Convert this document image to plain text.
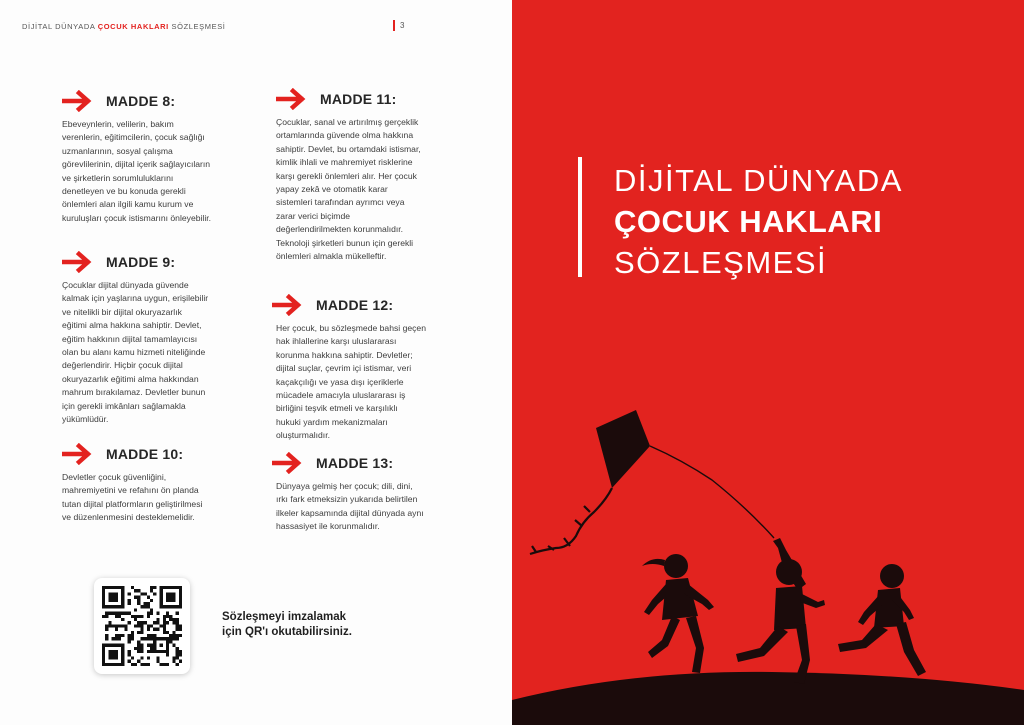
DİJİTAL DÜNYADA ÇOCUK HAKLARI SÖZLEŞMESİ	3
MADDE 8:
Ebeveynlerin, velilerin, bakım
verenlerin, eğitimcilerin, çocuk sağlığı
uzmanlarının, sosyal çalışma
görevlilerinin, dijital içerik sağlayıcıların
ve şirketlerin sorumluluklarını
denetleyen ve bu konuda gerekli
önlemleri alan ilgili kamu kurum ve
kuruluşları çocuk istismarını önleyebilir.
MADDE 9:
Çocuklar dijital dünyada güvende
kalmak için yaşlarına uygun, erişilebilir
ve nitelikli bir dijital okuryazarlık
eğitimi alma hakkına sahiptir. Devlet,
eğitim hakkının dijital tamamlayıcısı
olan bu alanı kamu hizmeti niteliğinde
değerlendirir. Hiçbir çocuk dijital
okuryazarlık eğitimi alma hakkından
mahrum bırakılamaz. Devletler bunun
için gerekli imkânları sağlamakla
yükümlüdür.
MADDE 10:
Devletler çocuk güvenliğini,
mahremiyetini ve refahını ön planda
tutan dijital platformların geliştirilmesi
ve düzenlenmesini desteklemelidir.
MADDE 11:
Çocuklar, sanal ve artırılmış gerçeklik
ortamlarında güvende olma hakkına
sahiptir. Devlet, bu ortamdaki istismar,
kimlik ihlali ve mahremiyet risklerine
karşı gerekli önlemleri alır. Her çocuk
yapay zekâ ve otomatik karar
sistemleri tarafından ayrımcı veya
zarar verici biçimde
değerlendirilmekten korunmalıdır.
Teknoloji şirketleri bunun için gerekli
önlemleri almakla mükelleftir.
MADDE 12:
Her çocuk, bu sözleşmede bahsi geçen
hak ihlallerine karşı uluslararası
korunma hakkına sahiptir. Devletler;
dijital suçlar, çevrim içi istismar, veri
kaçakçılığı ve yasa dışı içeriklerle
mücadele amacıyla uluslararası iş
birliğini teşvik etmeli ve karşılıklı
hukuki yardım mekanizmaları
oluşturmalıdır.
MADDE 13:
Dünyaya gelmiş her çocuk; dili, dini,
ırkı fark etmeksizin yukarıda belirtilen
ilkeler kapsamında dijital dünyada aynı
hassasiyet ile korunmalıdır.
Sözleşmeyi imzalamak
için QR'ı okutabilirsiniz.
DİJİTAL DÜNYADA
ÇOCUK HAKLARI
SÖZLEŞMESİ
